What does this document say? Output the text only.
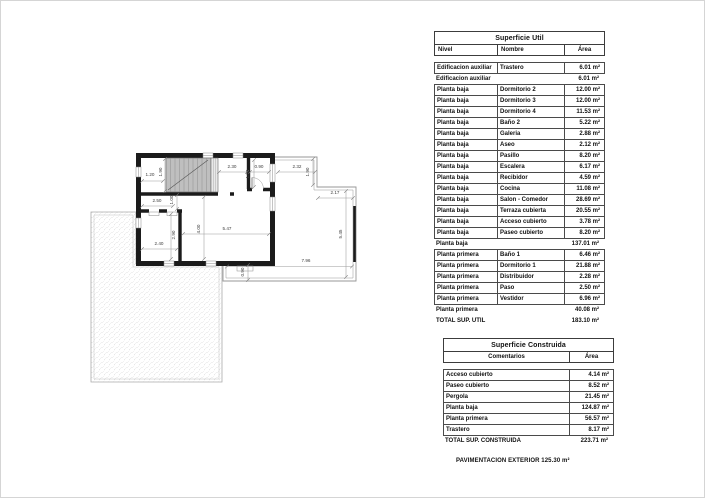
2.30	0.90	2.32
1.90	1.90
1.20 1.90
2.50 1.00
4.00
2.90
5.47
2.40
2.17
5.45
7.96
0.90
Superficie Util
Nivel	Nombre	Área
Edificacion auxiliar	Trastero	6.01 m²
Edificacion auxiliar	6.01 m²
Planta baja	Dormitorio 2	12.00 m²
Planta baja	Dormitorio 3	12.00 m²
Planta baja	Dormitorio 4	11.53 m²
Planta baja	Baño 2	5.22 m²
Planta baja	Galeria	2.88 m²
Planta baja	Aseo	2.12 m²
Planta baja	Pasillo	8.20 m²
Planta baja	Escalera	6.17 m²
Planta baja	Recibidor	4.59 m²
Planta baja	Cocina	11.08 m²
Planta baja	Salon - Comedor	28.69 m²
Planta baja	Terraza cubierta	20.55 m²
Planta baja	Acceso cubierto	3.78 m²
Planta baja	Paseo cubierto	8.20 m²
Planta baja	137.01 m²
Planta primera	Baño 1	6.46 m²
Planta primera	Dormitorio 1	21.88 m²
Planta primera	Distribuidor	2.28 m²
Planta primera	Paso	2.50 m²
Planta primera	Vestidor	6.96 m²
Planta primera	40.08 m²
TOTAL SUP. UTIL	183.10 m²
Superficie Construida
Comentarios	Área
Acceso cubierto	4.14 m²
Paseo cubierto	8.52 m²
Pergola	21.45 m²
Planta baja	124.87 m²
Planta primera	56.57 m²
Trastero	8.17 m²
TOTAL SUP. CONSTRUIDA	223.71 m²
PAVIMENTACION EXTERIOR 125.30 m²
